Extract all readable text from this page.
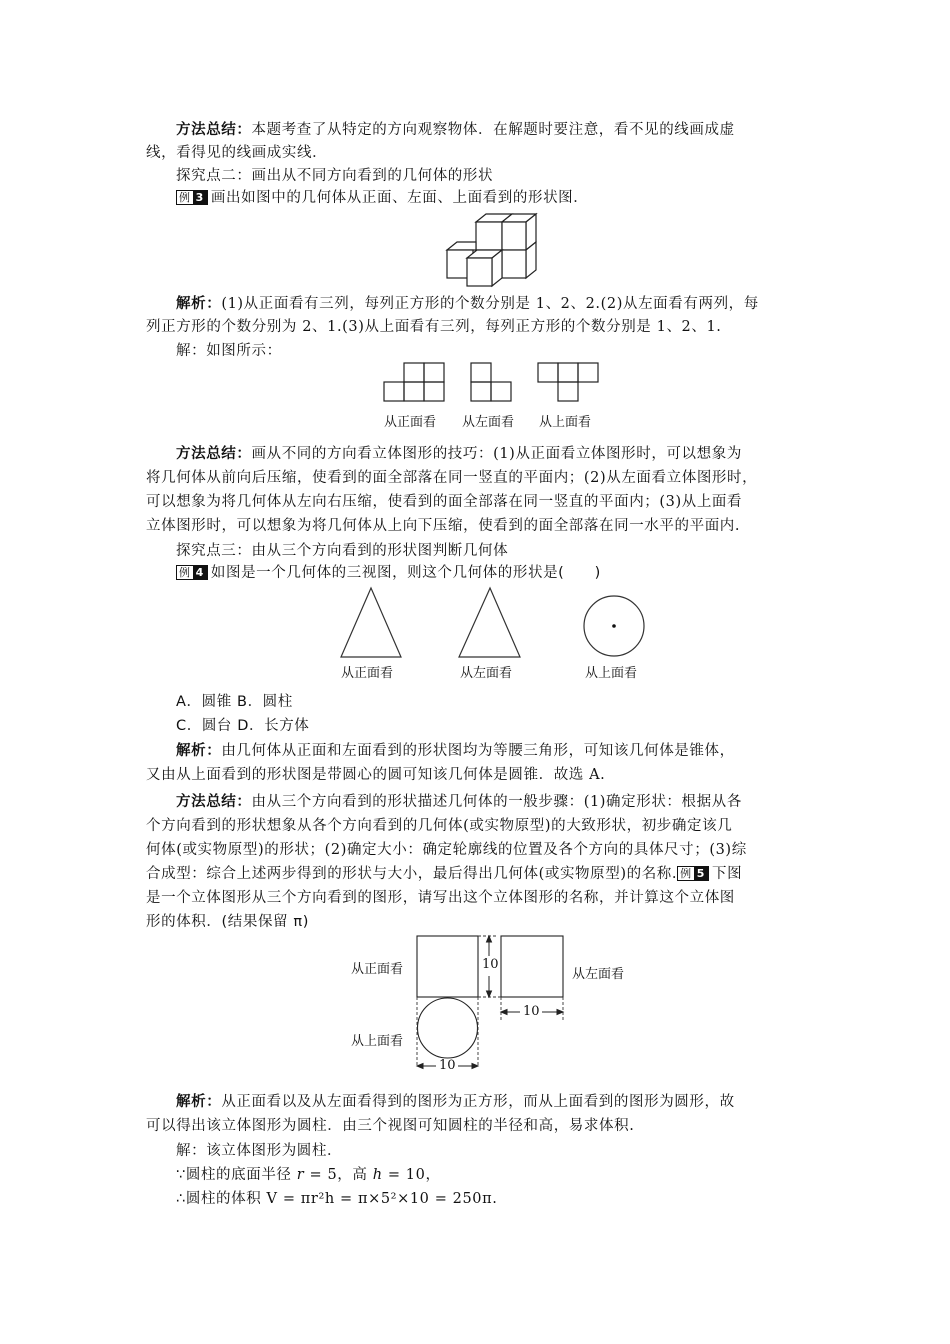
方法总结：本题考查了从特定的方向观察物体．在解题时要注意，看不见的线画成虚
线，看得见的线画成实线．
探究点二：画出从不同方向看到的几何体的形状
例 3 画出如图中的几何体从正面、左面、上面看到的形状图．
解析：(1)从正面看有三列，每列正方形的个数分别是 1、2、2.(2)从左面看有两列，每
列正方形的个数分别为 2、1.(3)从上面看有三列，每列正方形的个数分别是 1、2、1.
解：如图所示：
从正面看 从左面看 从上面看
方法总结：画从不同的方向看立体图形的技巧：(1)从正面看立体图形时，可以想象为
将几何体从前向后压缩，使看到的面全部落在同一竖直的平面内；(2)从左面看立体图形时，
可以想象为将几何体从左向右压缩，使看到的面全部落在同一竖直的平面内；(3)从上面看
立体图形时，可以想象为将几何体从上向下压缩，使看到的面全部落在同一水平的平面内.
探究点三：由从三个方向看到的形状图判断几何体
例 4 如图是一个几何体的三视图，则这个几何体的形状是(　　)
从正面看	从左面看	从上面看
A．圆锥 B．圆柱
C．圆台 D．长方体
解析：由几何体从正面和左面看到的形状图均为等腰三角形，可知该几何体是锥体，
又由从上面看到的形状图是带圆心的圆可知该几何体是圆锥．故选 A.
方法总结：由从三个方向看到的形状描述几何体的一般步骤：(1)确定形状：根据从各
个方向看到的形状想象从各个方向看到的几何体(或实物原型)的大致形状，初步确定该几
何体(或实物原型)的形状；(2)确定大小：确定轮廓线的位置及各个方向的具体尺寸；(3)综
合成型：综合上述两步得到的形状与大小，最后得出几何体(或实物原型)的名称. 例 5 下图
是一个立体图形从三个方向看到的图形，请写出这个立体图形的名称，并计算这个立体图
形的体积．(结果保留 π)
10
10
10
从正面看	从左面看
从上面看
解析：从正面看以及从左面看得到的图形为正方形，而从上面看到的图形为圆形，故
可以得出该立体图形为圆柱．由三个视图可知圆柱的半径和高，易求体积.
解：该立体图形为圆柱．
∵圆柱的底面半径 r = 5，高 h = 10，
∴圆柱的体积 V = πr²h = π×5²×10 = 250π.
